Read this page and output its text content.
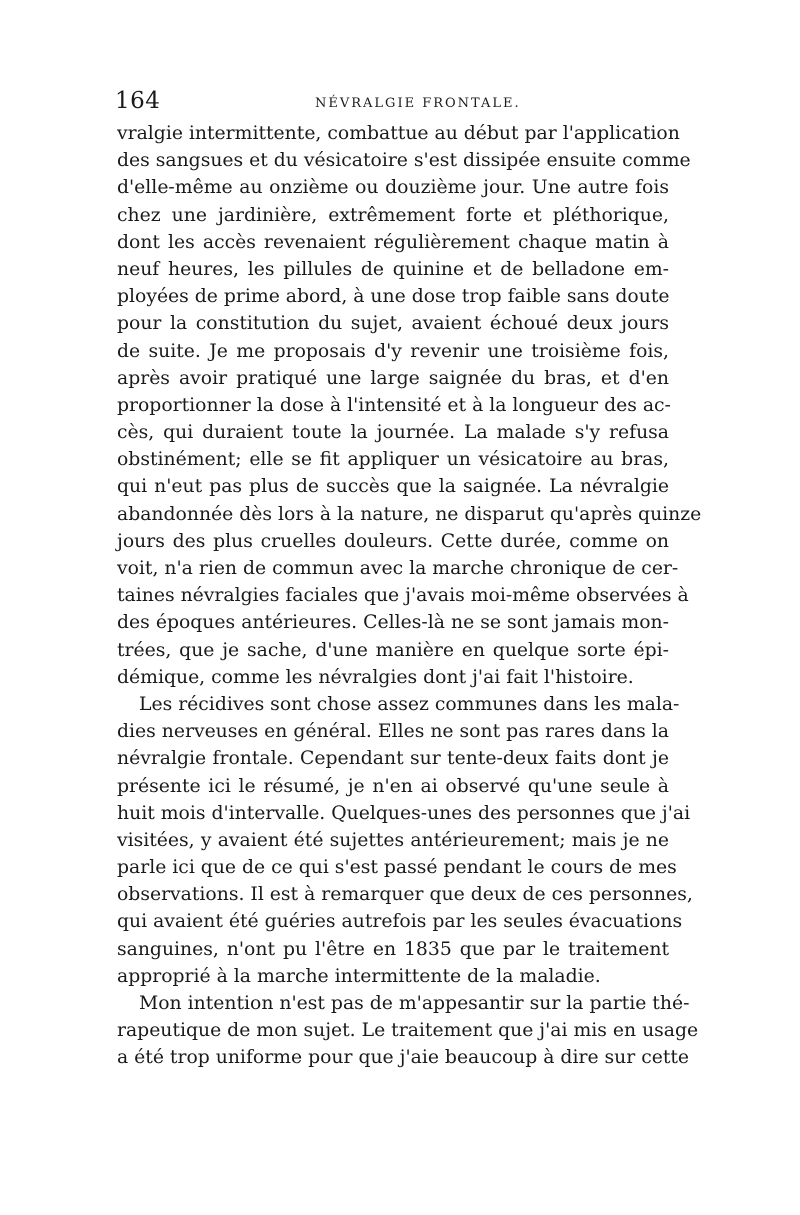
164	NÉVRALGIE FRONTALE.
vralgie intermittente, combattue au début par l'application
des sangsues et du vésicatoire s'est dissipée ensuite comme
d'elle-même au onzième ou douzième jour. Une autre fois
chez une jardinière, extrêmement forte et pléthorique,
dont les accès revenaient régulièrement chaque matin à
neuf heures, les pillules de quinine et de belladone em-
ployées de prime abord, à une dose trop faible sans doute
pour la constitution du sujet, avaient échoué deux jours
de suite. Je me proposais d'y revenir une troisième fois,
après avoir pratiqué une large saignée du bras, et d'en
proportionner la dose à l'intensité et à la longueur des ac-
cès, qui duraient toute la journée. La malade s'y refusa
obstinément; elle se fit appliquer un vésicatoire au bras,
qui n'eut pas plus de succès que la saignée. La névralgie
abandonnée dès lors à la nature, ne disparut qu'après quinze
jours des plus cruelles douleurs. Cette durée, comme on
voit, n'a rien de commun avec la marche chronique de cer-
taines névralgies faciales que j'avais moi-même observées à
des époques antérieures. Celles-là ne se sont jamais mon-
trées, que je sache, d'une manière en quelque sorte épi-
démique, comme les névralgies dont j'ai fait l'histoire.
Les récidives sont chose assez communes dans les mala-
dies nerveuses en général. Elles ne sont pas rares dans la
névralgie frontale. Cependant sur tente-deux faits dont je
présente ici le résumé, je n'en ai observé qu'une seule à
huit mois d'intervalle. Quelques-unes des personnes que j'ai
visitées, y avaient été sujettes antérieurement; mais je ne
parle ici que de ce qui s'est passé pendant le cours de mes
observations. Il est à remarquer que deux de ces personnes,
qui avaient été guéries autrefois par les seules évacuations
sanguines, n'ont pu l'être en 1835 que par le traitement
approprié à la marche intermittente de la maladie.
Mon intention n'est pas de m'appesantir sur la partie thé-
rapeutique de mon sujet. Le traitement que j'ai mis en usage
a été trop uniforme pour que j'aie beaucoup à dire sur cette
